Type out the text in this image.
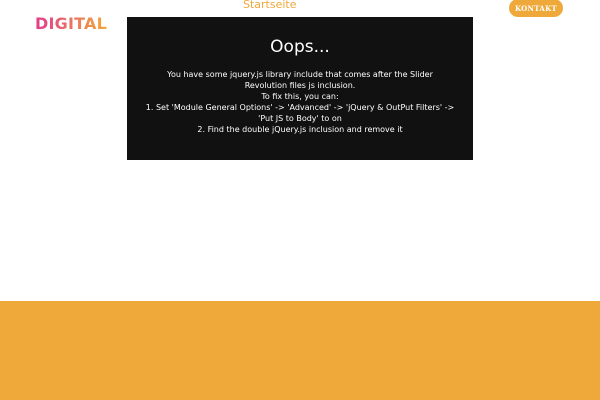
DIGITAL
Startseite	KONTAKT
Oops...
You have some jquery.js library include that comes after the Slider Revolution files js inclusion.
To fix this, you can:
1. Set 'Module General Options' -> 'Advanced' -> 'jQuery & OutPut Filters' -> 'Put JS to Body' to on
2. Find the double jQuery.js inclusion and remove it
